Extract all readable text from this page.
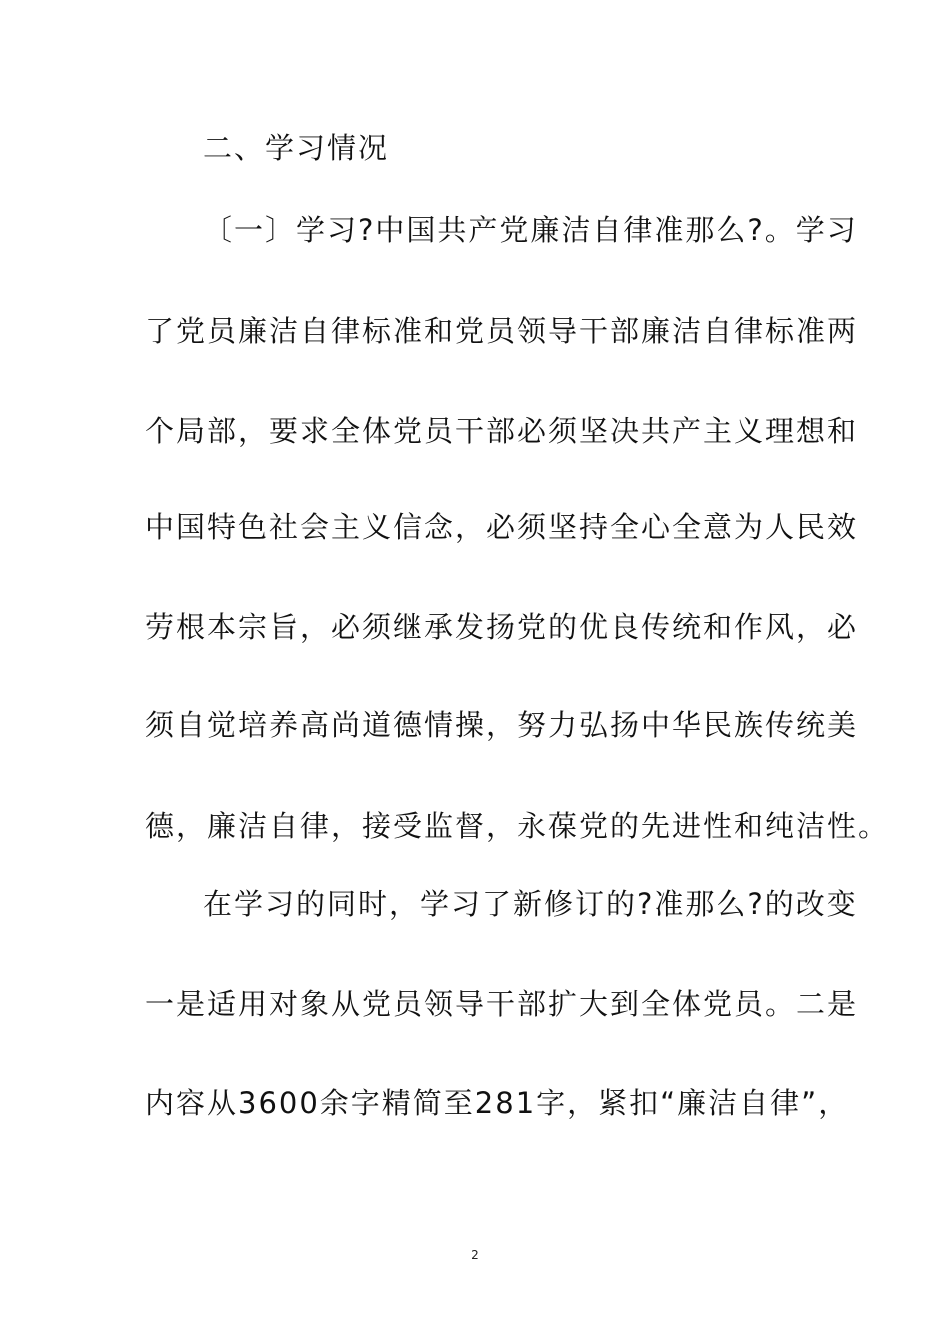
二、学习情况
〔一〕学习?中国共产党廉洁自律准那么?。学习
了党员廉洁自律标准和党员领导干部廉洁自律标准两
个局部，要求全体党员干部必须坚决共产主义理想和
中国特色社会主义信念，必须坚持全心全意为人民效
劳根本宗旨，必须继承发扬党的优良传统和作风，必
须自觉培养高尚道德情操，努力弘扬中华民族传统美
德，廉洁自律，接受监督，永葆党的先进性和纯洁性。
在学习的同时，学习了新修订的?准那么?的改变
一是适用对象从党员领导干部扩大到全体党员。二是
内容从3600余字精简至281字，紧扣“廉洁自律”，
2
